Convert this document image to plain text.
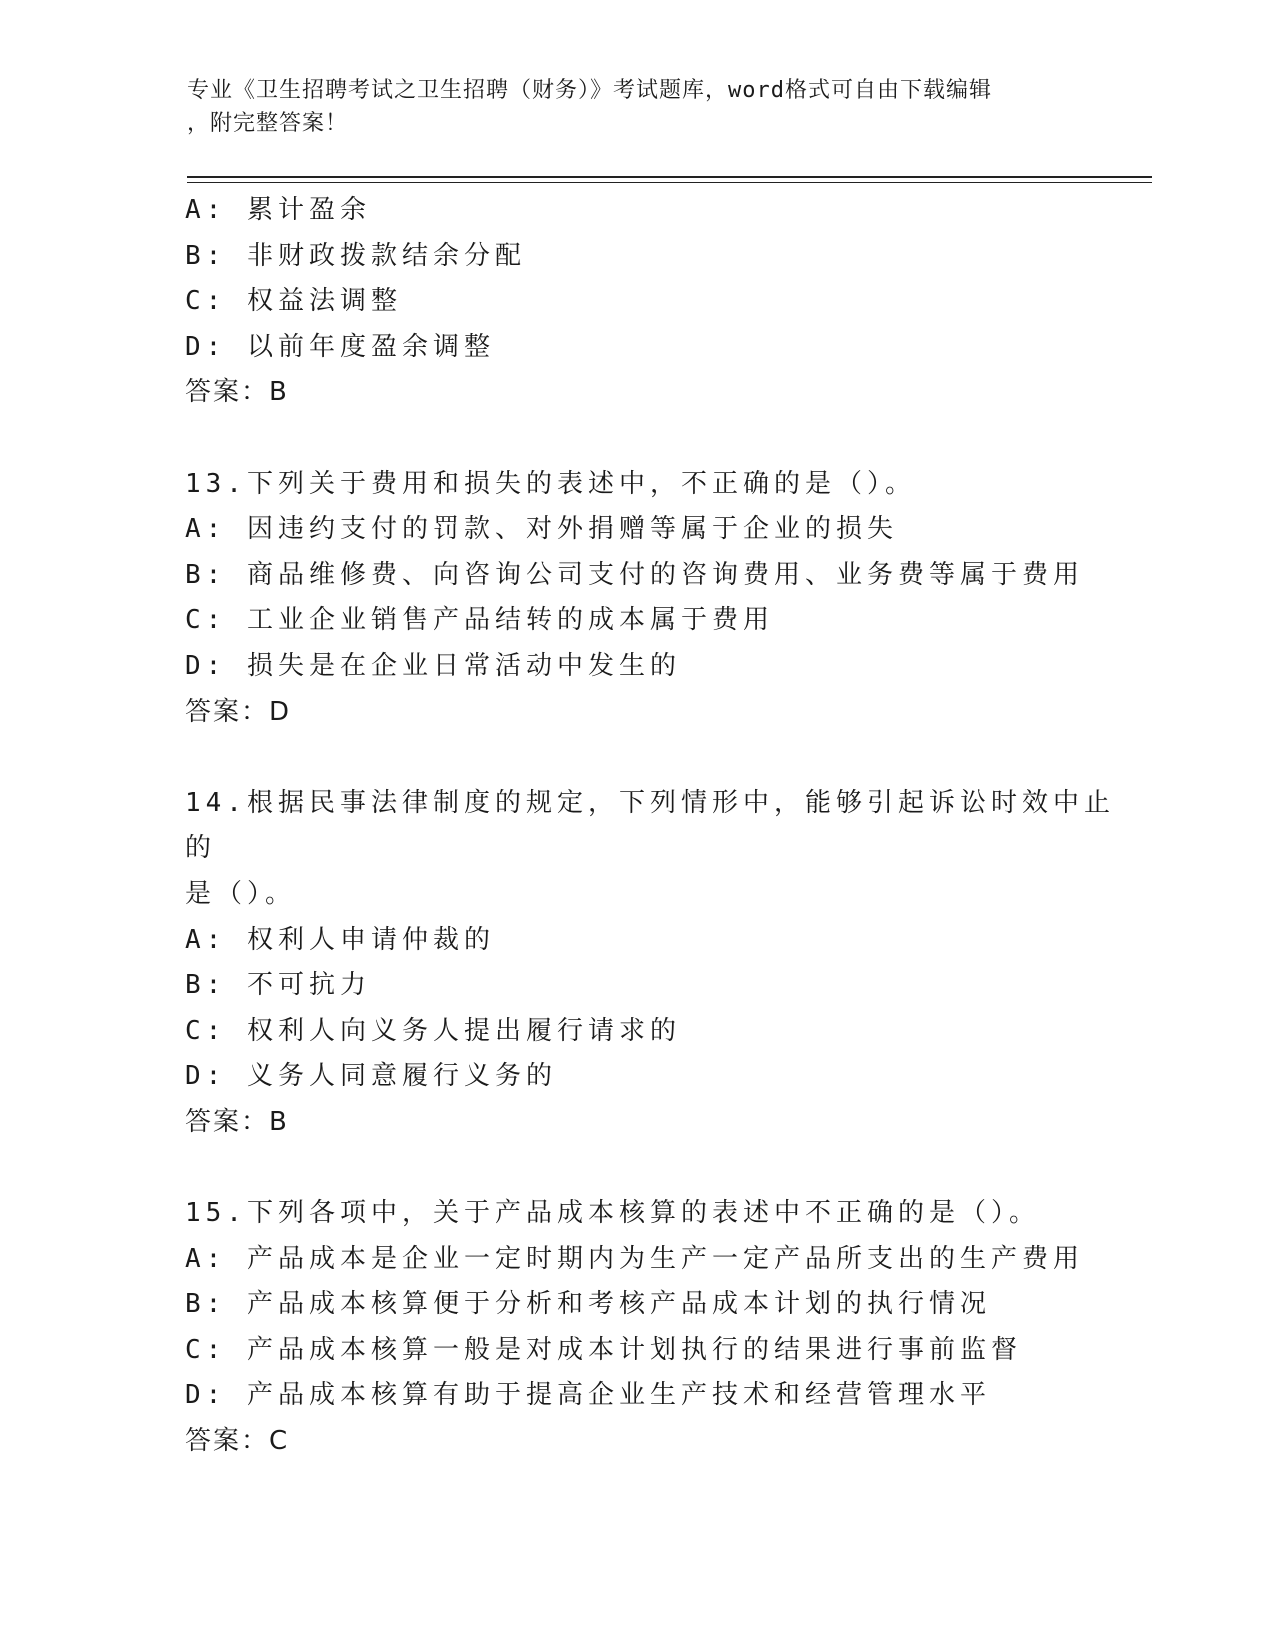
专业《卫生招聘考试之卫生招聘（财务）》考试题库，word格式可自由下载编辑
，附完整答案！
A: 累计盈余
B: 非财政拨款结余分配
C: 权益法调整
D: 以前年度盈余调整
答案：B
13.下列关于费用和损失的表述中，不正确的是（）。
A: 因违约支付的罚款、对外捐赠等属于企业的损失
B: 商品维修费、向咨询公司支付的咨询费用、业务费等属于费用
C: 工业企业销售产品结转的成本属于费用
D: 损失是在企业日常活动中发生的
答案：D
14.根据民事法律制度的规定，下列情形中，能够引起诉讼时效中止的
是（）。
A: 权利人申请仲裁的
B: 不可抗力
C: 权利人向义务人提出履行请求的
D: 义务人同意履行义务的
答案：B
15.下列各项中，关于产品成本核算的表述中不正确的是（）。
A: 产品成本是企业一定时期内为生产一定产品所支出的生产费用
B: 产品成本核算便于分析和考核产品成本计划的执行情况
C: 产品成本核算一般是对成本计划执行的结果进行事前监督
D: 产品成本核算有助于提高企业生产技术和经营管理水平
答案：C
